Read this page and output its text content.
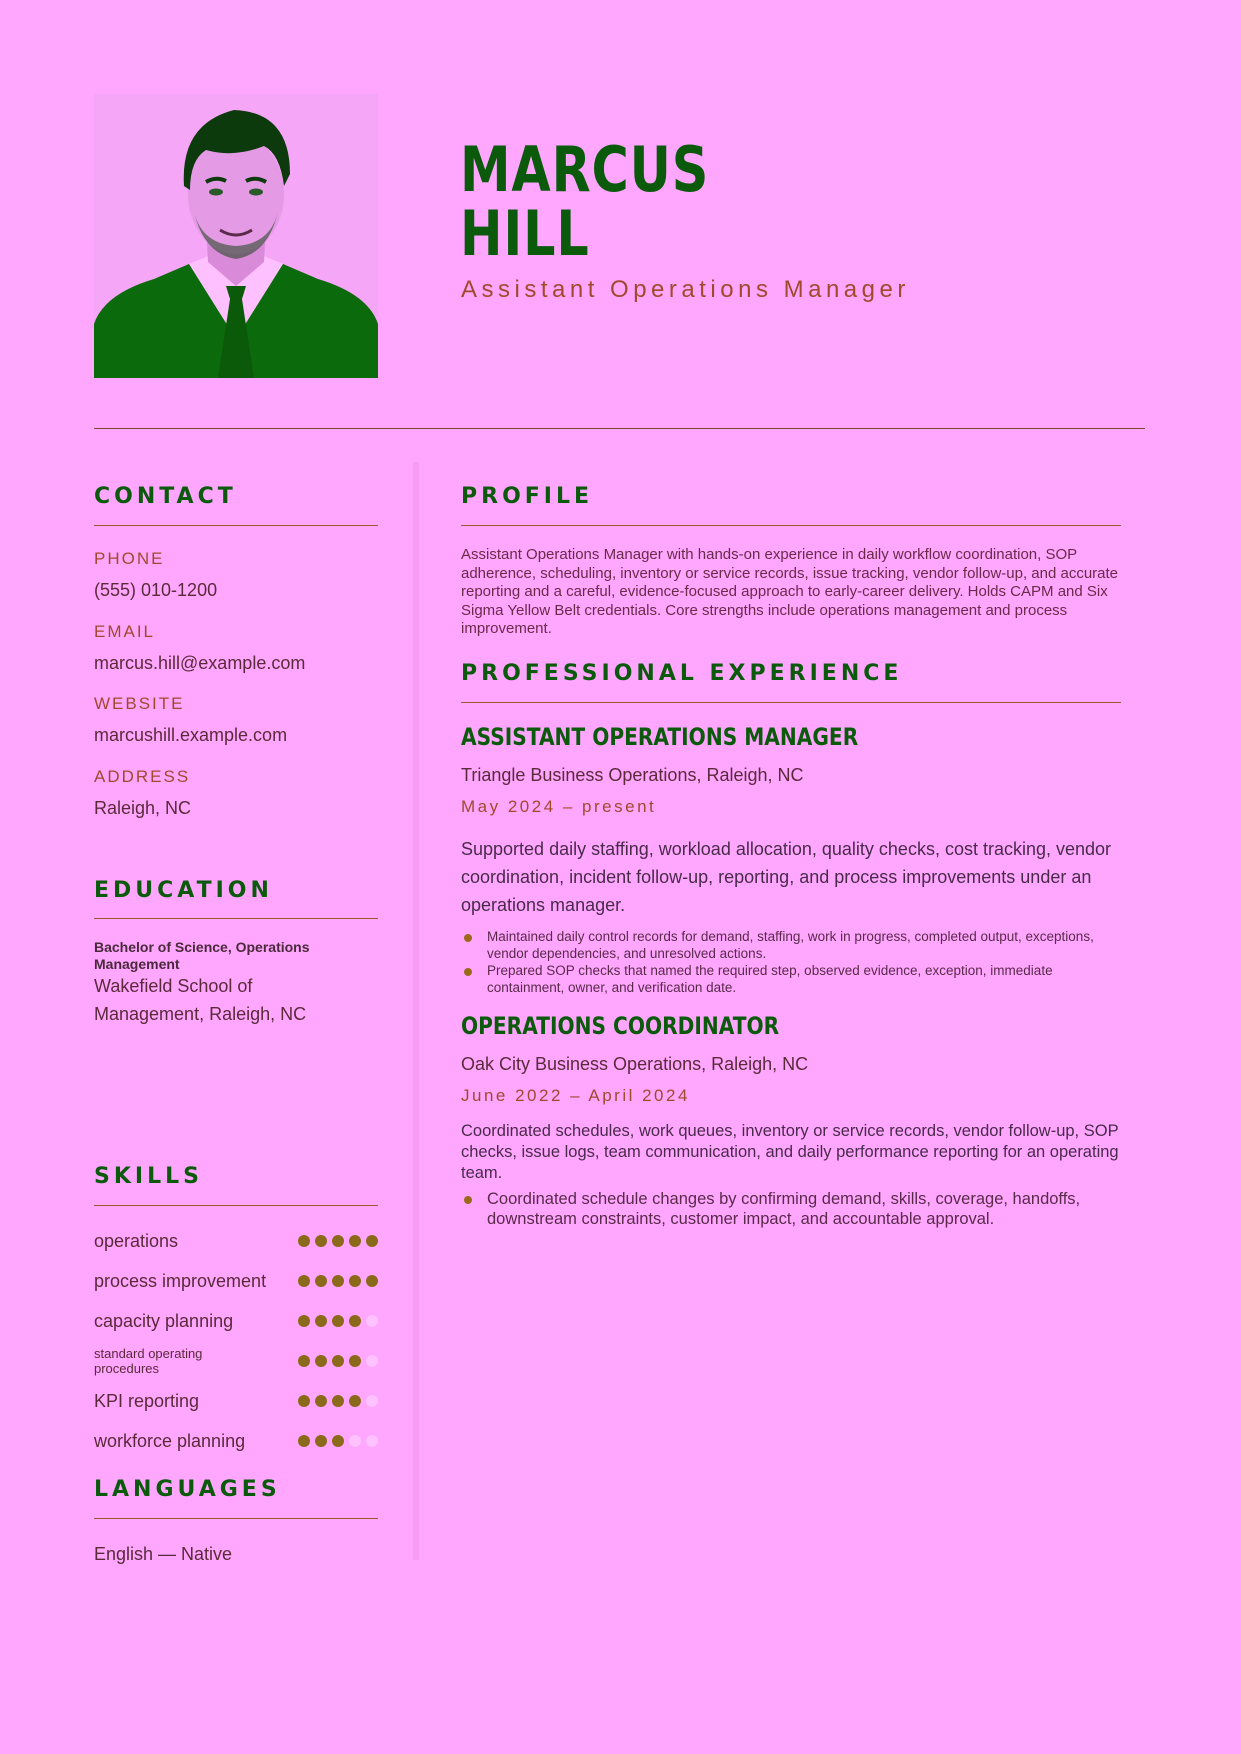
MARCUS
HILL
Assistant Operations Manager
CONTACT
PHONE
(555) 010-1200
EMAIL
marcus.hill@example.com
WEBSITE
marcushill.example.com
ADDRESS
Raleigh, NC
EDUCATION
Bachelor of Science, Operations Management
Wakefield School of Management, Raleigh, NC
SKILLS
operations
process improvement
capacity planning
standard operating procedures
KPI reporting
workforce planning
LANGUAGES
English — Native
PROFILE
Assistant Operations Manager with hands-on experience in daily workflow coordination, SOP adherence, scheduling, inventory or service records, issue tracking, vendor follow-up, and accurate reporting and a careful, evidence-focused approach to early-career delivery. Holds CAPM and Six Sigma Yellow Belt credentials. Core strengths include operations management and process improvement.
PROFESSIONAL EXPERIENCE
ASSISTANT OPERATIONS MANAGER
Triangle Business Operations, Raleigh, NC
May 2024 – present
Supported daily staffing, workload allocation, quality checks, cost tracking, vendor coordination, incident follow-up, reporting, and process improvements under an operations manager.
Maintained daily control records for demand, staffing, work in progress, completed output, exceptions, vendor dependencies, and unresolved actions.
Prepared SOP checks that named the required step, observed evidence, exception, immediate containment, owner, and verification date.
OPERATIONS COORDINATOR
Oak City Business Operations, Raleigh, NC
June 2022 – April 2024
Coordinated schedules, work queues, inventory or service records, vendor follow-up, SOP checks, issue logs, team communication, and daily performance reporting for an operating team.
Coordinated schedule changes by confirming demand, skills, coverage, handoffs, downstream constraints, customer impact, and accountable approval.
